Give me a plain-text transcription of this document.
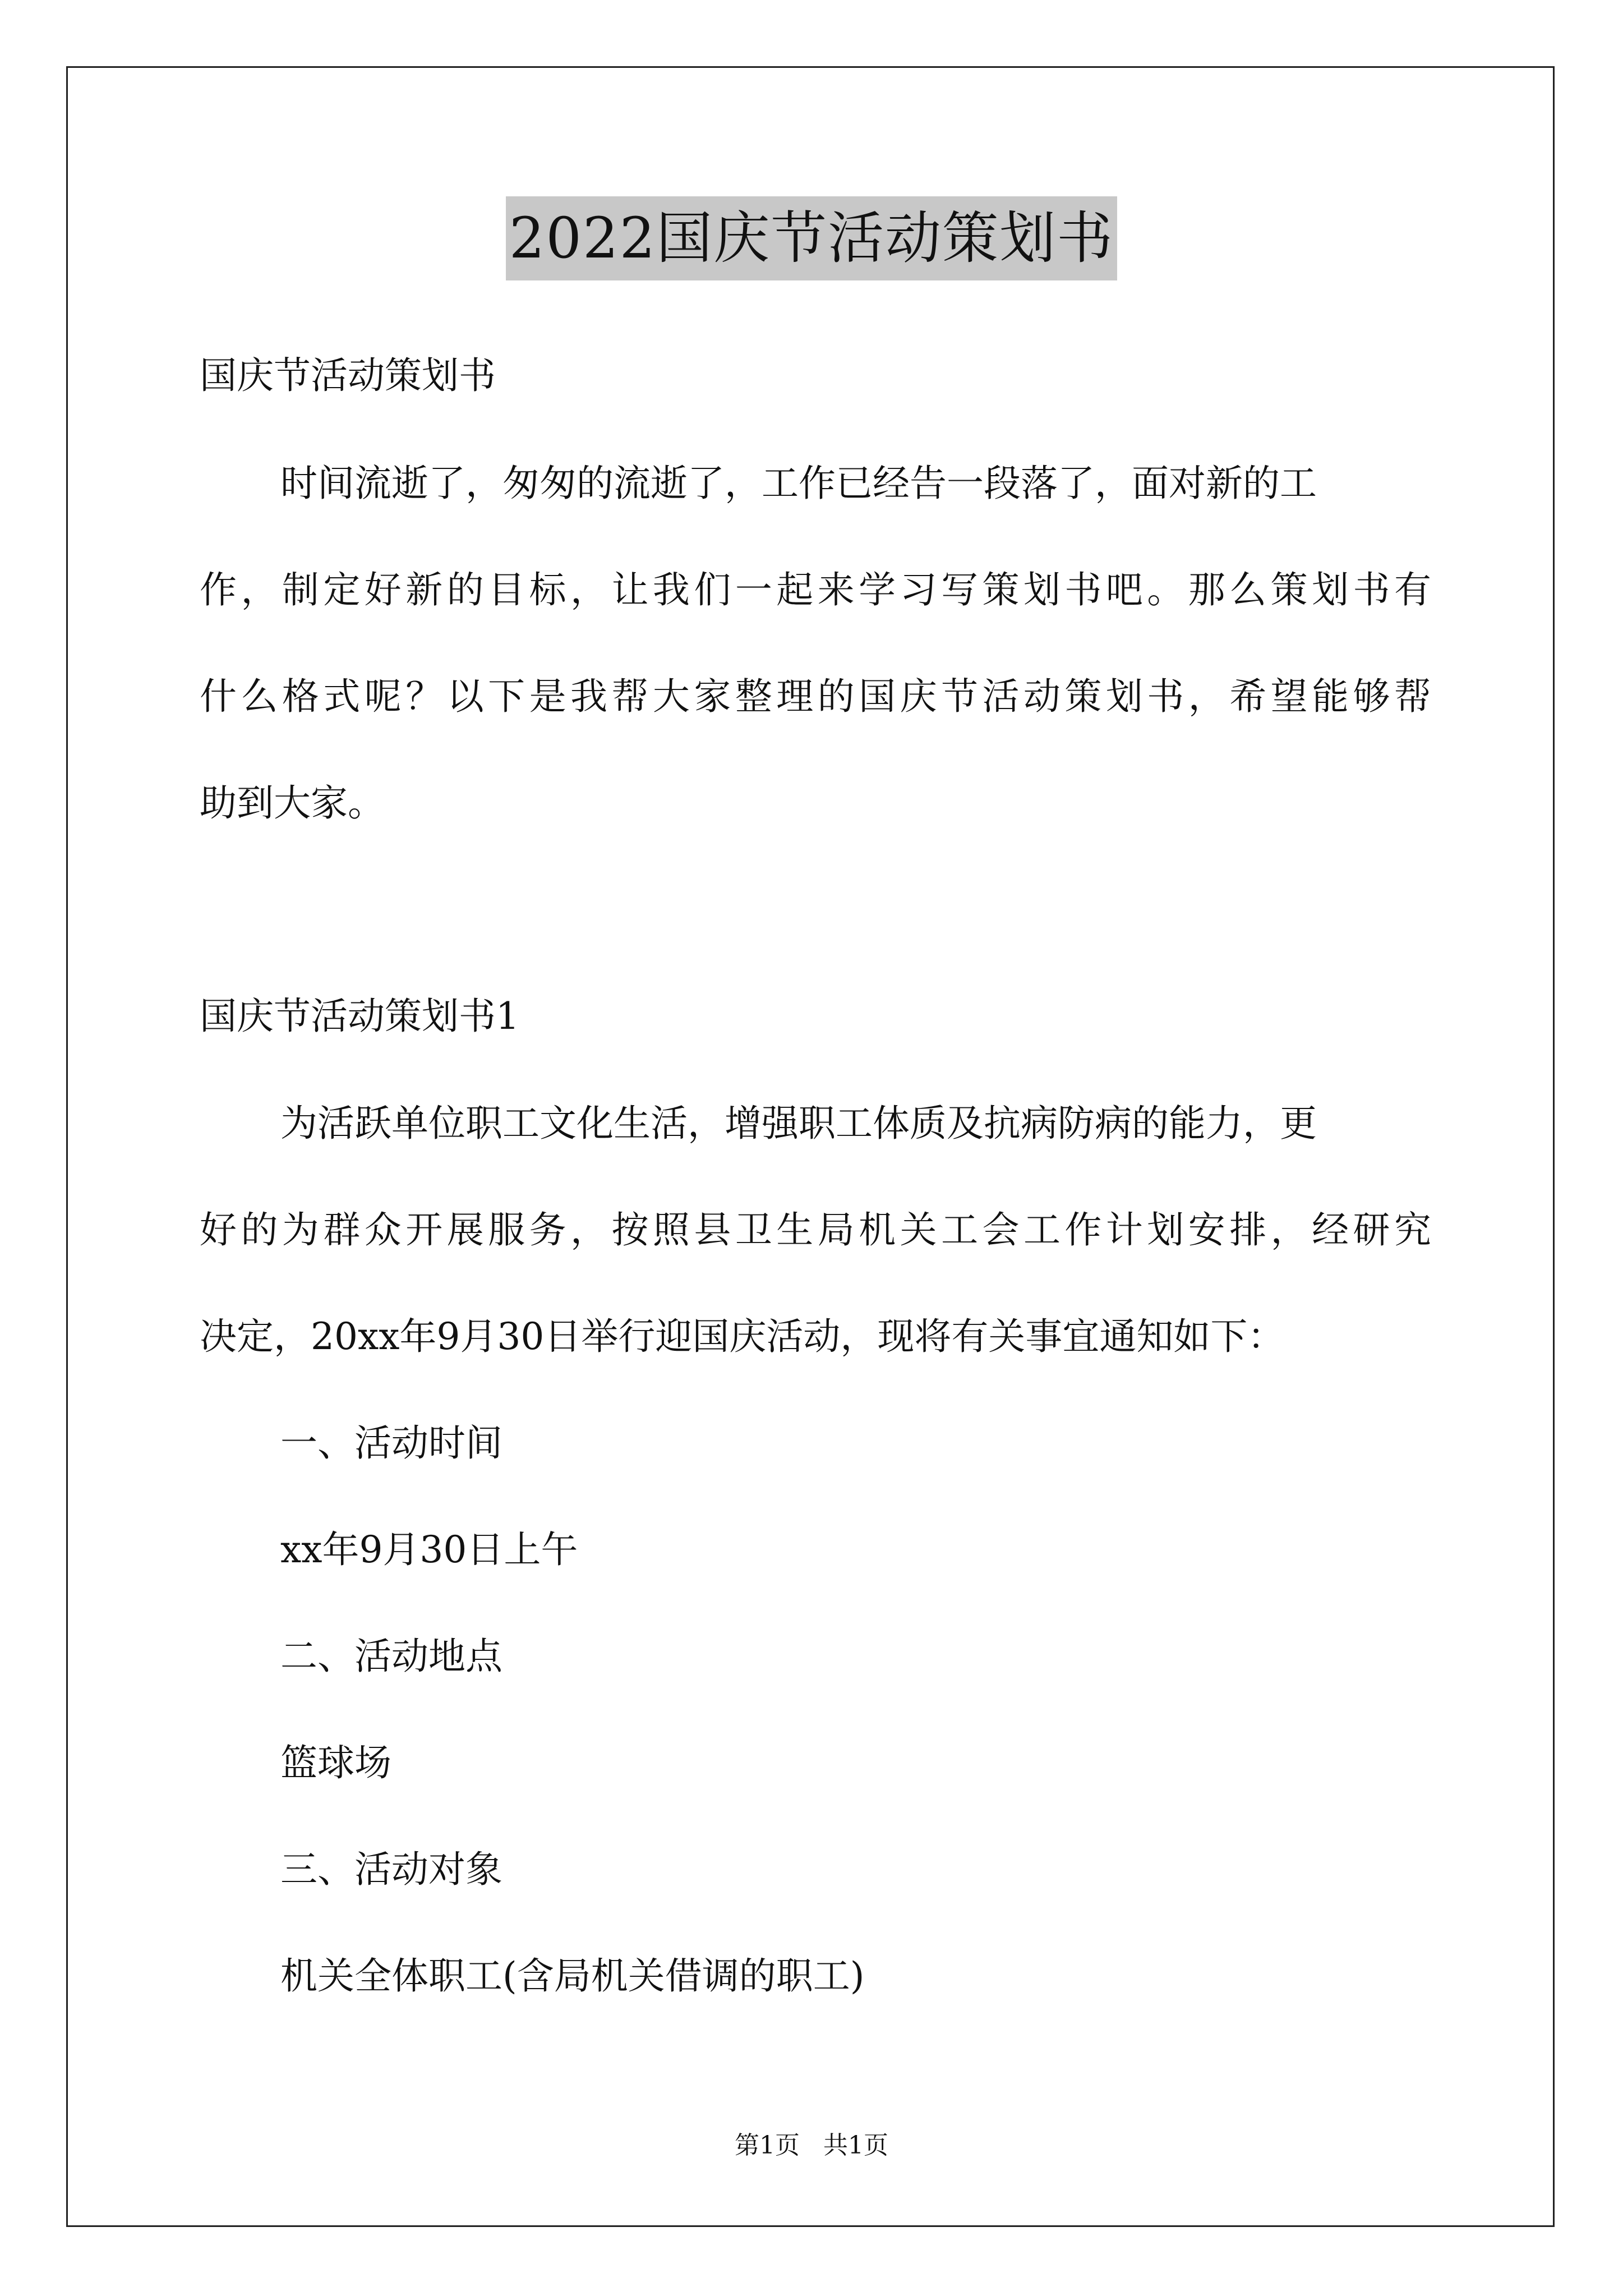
2022国庆节活动策划书
国庆节活动策划书
时间流逝了，匆匆的流逝了，工作已经告一段落了，面对新的工
作，制定好新的目标，让我们一起来学习写策划书吧。那么策划书有
什么格式呢？以下是我帮大家整理的国庆节活动策划书，希望能够帮
助到大家。
国庆节活动策划书1
为活跃单位职工文化生活，增强职工体质及抗病防病的能力，更
好的为群众开展服务，按照县卫生局机关工会工作计划安排，经研究
决定，20xx年9月30日举行迎国庆活动，现将有关事宜通知如下：
一、活动时间
xx年9月30日上午
二、活动地点
篮球场
三、活动对象
机关全体职工(含局机关借调的职工)
第1页 共1页
